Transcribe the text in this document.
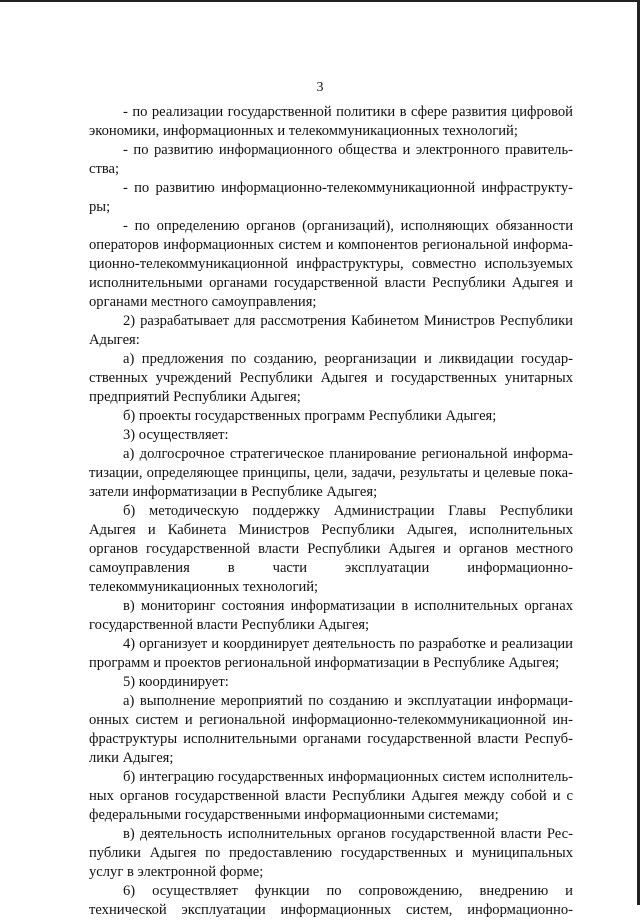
3

- по реализации государственной политики в сфере развития цифровой экономики, информационных и телекоммуникационных технологий;

- по развитию информационного общества и электронного правительства;

- по развитию информационно-телекоммуникационной инфраструктуры;

- по определению органов (организаций), исполняющих обязанности операторов информационных систем и компонентов региональной информационно-телекоммуникационной инфраструктуры, совместно используемых исполнительными органами государственной власти Республики Адыгея и органами местного самоуправления;

2) разрабатывает для рассмотрения Кабинетом Министров Республики Адыгея:

а) предложения по созданию, реорганизации и ликвидации государственных учреждений Республики Адыгея и государственных унитарных предприятий Республики Адыгея;

б) проекты государственных программ Республики Адыгея;

3) осуществляет:

а) долгосрочное стратегическое планирование региональной информатизации, определяющее принципы, цели, задачи, результаты и целевые показатели информатизации в Республике Адыгея;

б) методическую поддержку Администрации Главы Республики Адыгея и Кабинета Министров Республики Адыгея, исполнительных органов государственной власти Республики Адыгея и органов местного самоуправления в части эксплуатации информационно-телекоммуникационных технологий;

в) мониторинг состояния информатизации в исполнительных органах государственной власти Республики Адыгея;

4) организует и координирует деятельность по разработке и реализации программ и проектов региональной информатизации в Республике Адыгея;

5) координирует:

а) выполнение мероприятий по созданию и эксплуатации информационных систем и региональной информационно-телекоммуникационной инфраструктуры исполнительными органами государственной власти Республики Адыгея;

б) интеграцию государственных информационных систем исполнительных органов государственной власти Республики Адыгея между собой и с федеральными государственными информационными системами;

в) деятельность исполнительных органов государственной власти Республики Адыгея по предоставлению государственных и муниципальных услуг в электронной форме;

6) осуществляет функции по сопровождению, внедрению и технической эксплуатации информационных систем, информационно-
